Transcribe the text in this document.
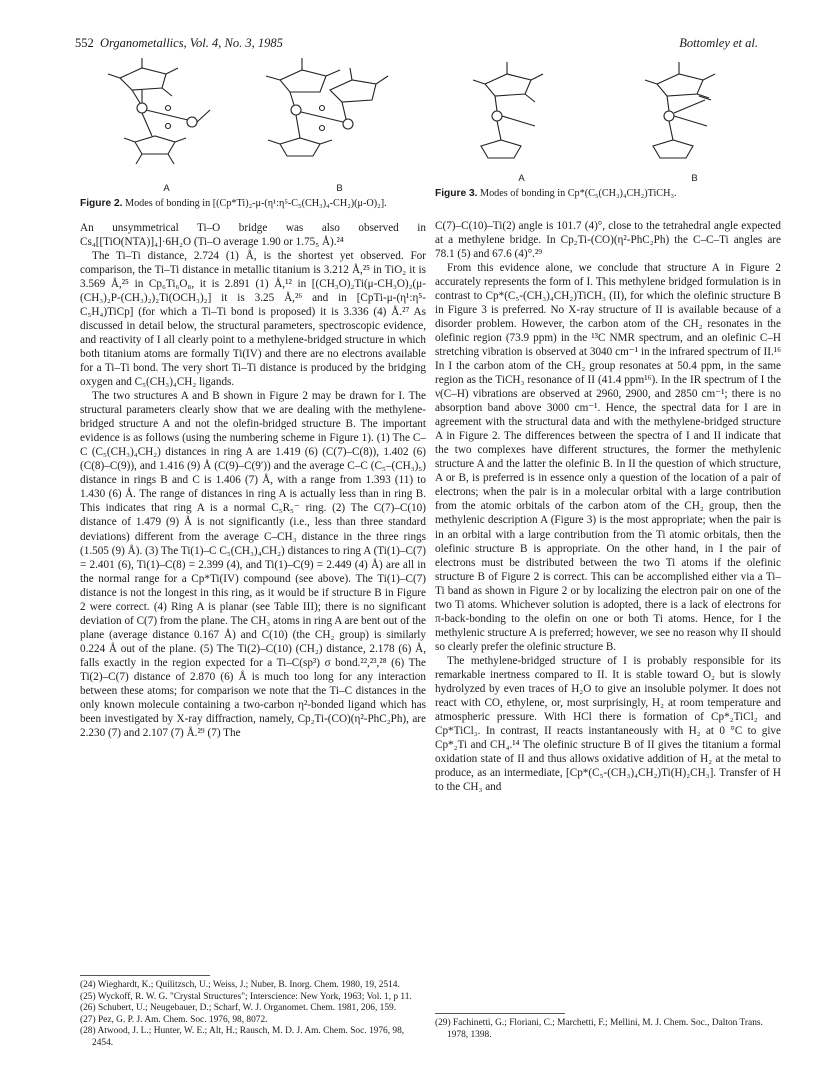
552 Organometallics, Vol. 4, No. 3, 1985	Bottomley et al.
A	B
Figure 2. Modes of bonding in [(Cp*Ti)₂-μ-(η¹:η⁵-C₅(CH₃)₄-CH₂)(μ-O)₂].

An unsymmetrical Ti–O bridge was also observed in Cs₄[[TiO(NTA)]₄]·6H₂O (Ti–O average 1.90 or 1.75₅ Å).²⁴

The Ti–Ti distance, 2.724 (1) Å, is the shortest yet observed. For comparison, the Ti–Ti distance in metallic titanium is 3.212 Å,²⁵ in TiO₂ it is 3.569 Å,²⁵ in Cp₆Ti₆O₈, it is 2.891 (1) Å,¹² in [(CH₃O)₂Ti(μ-CH₃O)₂(μ-(CH₃)₂P-(CH₃)₂)₂Ti(OCH₃)₂] it is 3.25 Å,²⁶ and in [CpTi-μ-(η¹:η⁵-C₅H₄)TiCp] (for which a Ti–Ti bond is proposed) it is 3.336 (4) Å.²⁷ As discussed in detail below, the structural parameters, spectroscopic evidence, and reactivity of I all clearly point to a methylene-bridged structure in which both titanium atoms are formally Ti(IV) and there are no electrons available for a Ti–Ti bond. The very short Ti–Ti distance is produced by the bridging oxygen and C₅(CH₃)₄CH₂ ligands.

The two structures A and B shown in Figure 2 may be drawn for I. The structural parameters clearly show that we are dealing with the methylene-bridged structure A and not the olefin-bridged structure B. The important evidence is as follows (using the numbering scheme in Figure 1). (1) The C–C (C₅(CH₃)₄CH₂) distances in ring A are 1.419 (6) (C(7)–C(8)), 1.402 (6) (C(8)–C(9)), and 1.416 (9) Å (C(9)–C(9′)) and the average C–C (C₅–(CH₃)₅) distance in rings B and C is 1.406 (7) Å, with a range from 1.393 (11) to 1.430 (6) Å. The range of distances in ring A is actually less than in ring B. This indicates that ring A is a normal C₅R₅⁻ ring. (2) The C(7)–C(10) distance of 1.479 (9) Å is not significantly (i.e., less than three standard deviations) different from the average C–CH₃ distance in the three rings (1.505 (9) Å). (3) The Ti(1)–C C₅(CH₃)₄CH₂) distances to ring A (Ti(1)–C(7) = 2.401 (6), Ti(1)–C(8) = 2.399 (4), and Ti(1)–C(9) = 2.449 (4) Å) are all in the normal range for a Cp*Ti(IV) compound (see above). The Ti(1)–C(7) distance is not the longest in this ring, as it would be if structure B in Figure 2 were correct. (4) Ring A is planar (see Table III); there is no significant deviation of C(7) from the plane. The CH₃ atoms in ring A are bent out of the plane (average distance 0.167 Å) and C(10) (the CH₂ group) is similarly 0.224 Å out of the plane. (5) The Ti(2)–C(10) (CH₂) distance, 2.178 (6) Å, falls exactly in the region expected for a Ti–C(sp³) σ bond.²²,²³,²⁸ (6) The Ti(2)–C(7) distance of 2.870 (6) Å is much too long for any interaction between these atoms; for comparison we note that the Ti–C distances in the only known molecule containing a two-carbon η²-bonded ligand which has been investigated by X-ray diffraction, namely, Cp₂Ti-(CO)(η²-PhC₂Ph), are 2.230 (7) and 2.107 (7) Å.²⁹ (7) The

A	B
Figure 3. Modes of bonding in Cp*(C₅(CH₃)₄CH₂)TiCH₃.

C(7)–C(10)–Ti(2) angle is 101.7 (4)°, close to the tetrahedral angle expected at a methylene bridge. In Cp₂Ti-(CO)(η²-PhC₂Ph) the C–C–Ti angles are 78.1 (5) and 67.6 (4)°.²⁹

From this evidence alone, we conclude that structure A in Figure 2 accurately represents the form of I. This methylene bridged formulation is in contrast to Cp*(C₅-(CH₃)₄CH₂)TiCH₃ (II), for which the olefinic structure B in Figure 3 is preferred. No X-ray structure of II is available because of a disorder problem. However, the carbon atom of the CH₂ resonates in the olefinic region (73.9 ppm) in the ¹³C NMR spectrum, and an olefinic C–H stretching vibration is observed at 3040 cm⁻¹ in the infrared spectrum of II.¹⁶ In I the carbon atom of the CH₂ group resonates at 50.4 ppm, in the same region as the TiCH₃ resonance of II (41.4 ppm¹⁶). In the IR spectrum of I the ν(C–H) vibrations are observed at 2960, 2900, and 2850 cm⁻¹; there is no absorption band above 3000 cm⁻¹. Hence, the spectral data for I are in agreement with the structural data and with the methylene-bridged structure A in Figure 2. The differences between the spectra of I and II indicate that the two complexes have different structures, the former the methylenic structure A and the latter the olefinic B. In II the question of which structure, A or B, is preferred is in essence only a question of the location of a pair of electrons; when the pair is in a molecular orbital with a large contribution from the atomic orbitals of the carbon atom of the CH₂ group, then the methylenic description A (Figure 3) is the most appropriate; when the pair is in an orbital with a large contribution from the Ti atomic orbitals, then the olefinic structure B is appropriate. On the other hand, in I the pair of electrons must be distributed between the two Ti atoms if the olefinic structure B of Figure 2 is correct. This can be accomplished either via a Ti–Ti band as shown in Figure 2 or by localizing the electron pair on one of the two Ti atoms. Whichever solution is adopted, there is a lack of electrons for π-back-bonding to the olefin on one or both Ti atoms. Hence, for I the methylenic structure A is preferred; however, we see no reason why II should so clearly prefer the olefinic structure B.

The methylene-bridged structure of I is probably responsible for its remarkable inertness compared to II. It is stable toward O₂ but is slowly hydrolyzed by even traces of H₂O to give an insoluble polymer. It does not react with CO, ethylene, or, most surprisingly, H₂ at room temperature and atmospheric pressure. With HCl there is formation of Cp*₂TiCl₂ and Cp*TiCl₃. In contrast, II reacts instantaneously with H₂ at 0 °C to give Cp*₂Ti and CH₄.¹⁴ The olefinic structure B of II gives the titanium a formal oxidation state of II and thus allows oxidative addition of H₂ at the metal to produce, as an intermediate, [Cp*(C₅-(CH₃)₄CH₂)Ti(H)₂CH₃]. Transfer of H to the CH₃ and

(24) Wieghardt, K.; Quilitzsch, U.; Weiss, J.; Nuber, B. Inorg. Chem. 1980, 19, 2514.

(25) Wyckoff, R. W. G. "Crystal Structures"; Interscience: New York, 1963; Vol. 1, p 11.

(26) Schubert, U.; Neugebauer, D.; Scharf, W. J. Organomet. Chem. 1981, 206, 159.

(27) Pez, G. P. J. Am. Chem. Soc. 1976, 98, 8072.

(28) Atwood, J. L.; Hunter, W. E.; Alt, H.; Rausch, M. D. J. Am. Chem. Soc. 1976, 98, 2454.

(29) Fachinetti, G.; Floriani, C.; Marchetti, F.; Mellini, M. J. Chem. Soc., Dalton Trans. 1978, 1398.
